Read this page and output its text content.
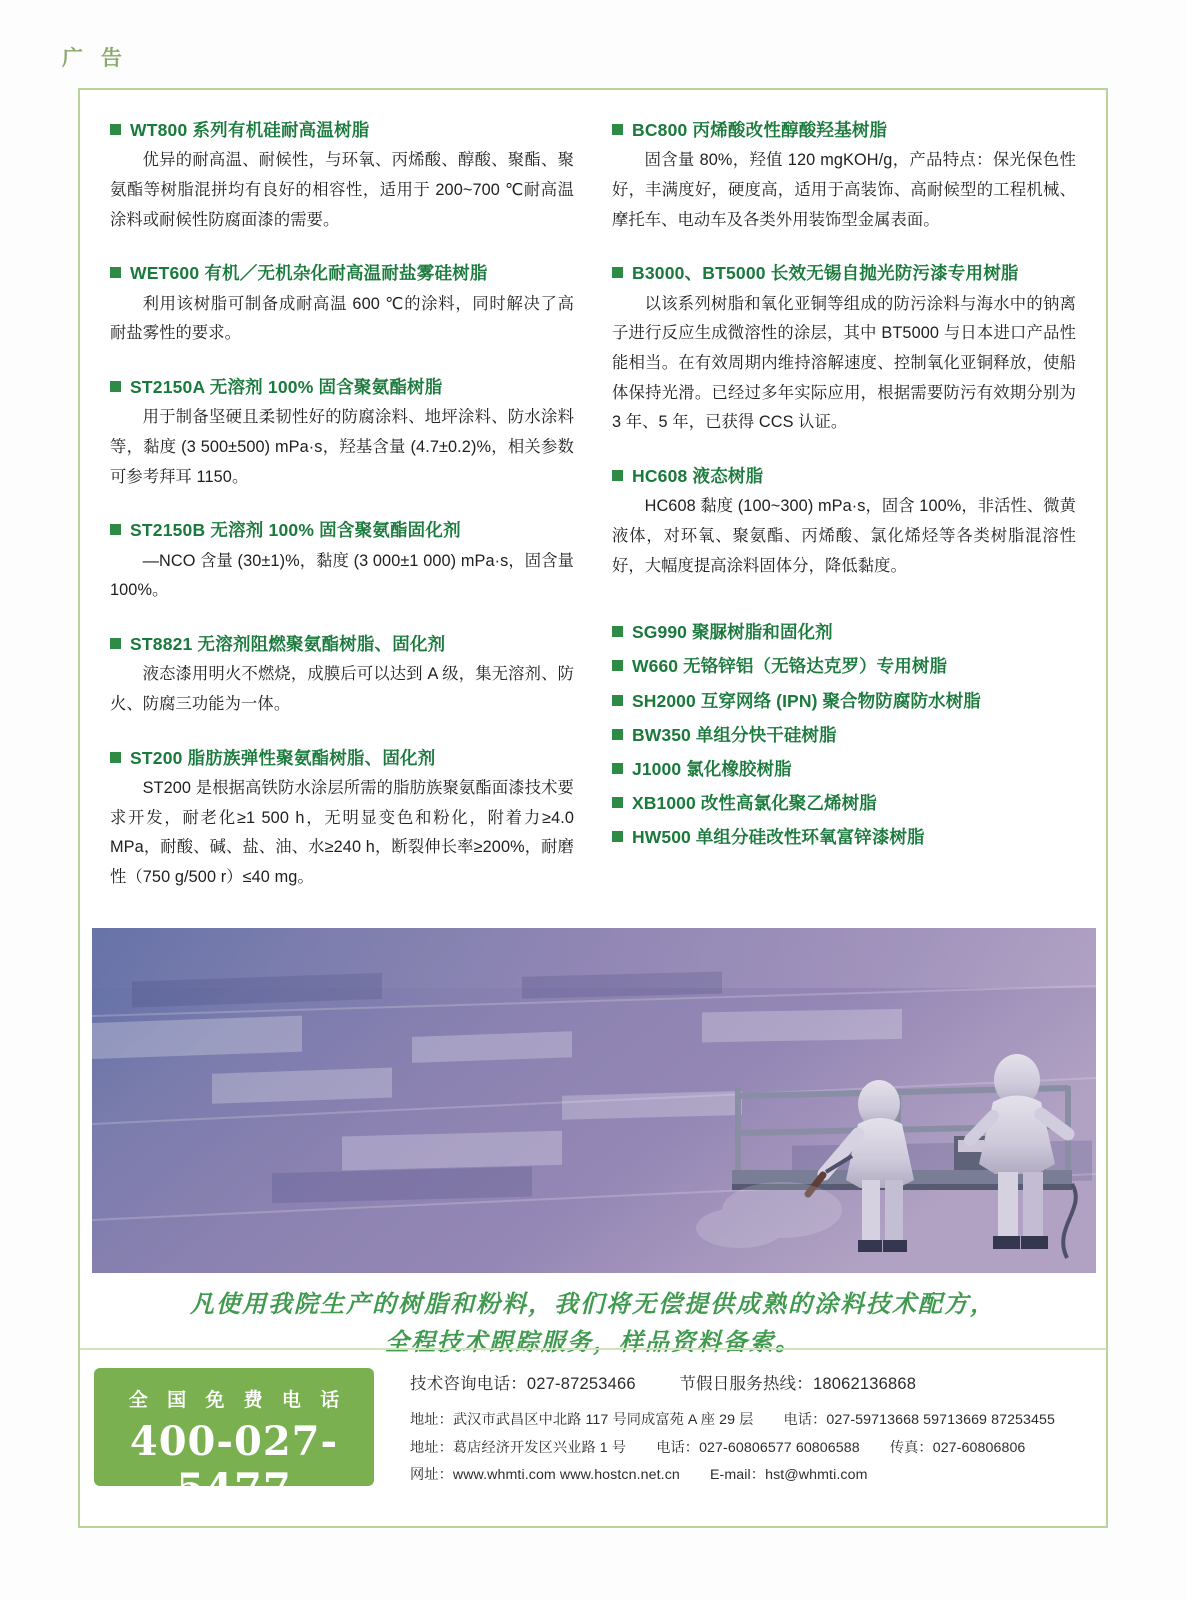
广 告
WT800 系列有机硅耐高温树脂
优异的耐高温、耐候性，与环氧、丙烯酸、醇酸、聚酯、聚氨酯等树脂混拼均有良好的相容性，适用于 200~700 ℃耐高温涂料或耐候性防腐面漆的需要。
WET600 有机／无机杂化耐高温耐盐雾硅树脂
利用该树脂可制备成耐高温 600 ℃的涂料，同时解决了高耐盐雾性的要求。
ST2150A 无溶剂 100% 固含聚氨酯树脂
用于制备坚硬且柔韧性好的防腐涂料、地坪涂料、防水涂料等，黏度 (3 500±500) mPa·s，羟基含量 (4.7±0.2)%，相关参数可参考拜耳 1150。
ST2150B 无溶剂 100% 固含聚氨酯固化剂
—NCO 含量 (30±1)%，黏度 (3 000±1 000) mPa·s，固含量 100%。
ST8821 无溶剂阻燃聚氨酯树脂、固化剂
液态漆用明火不燃烧，成膜后可以达到 A 级，集无溶剂、防火、防腐三功能为一体。
ST200 脂肪族弹性聚氨酯树脂、固化剂
ST200 是根据高铁防水涂层所需的脂肪族聚氨酯面漆技术要求开发，耐老化≥1 500 h，无明显变色和粉化，附着力≥4.0 MPa，耐酸、碱、盐、油、水≥240 h，断裂伸长率≥200%，耐磨性（750 g/500 r）≤40 mg。
BC800 丙烯酸改性醇酸羟基树脂
固含量 80%，羟值 120 mgKOH/g，产品特点：保光保色性好，丰满度好，硬度高，适用于高装饰、高耐候型的工程机械、摩托车、电动车及各类外用装饰型金属表面。
B3000、BT5000 长效无锡自抛光防污漆专用树脂
以该系列树脂和氧化亚铜等组成的防污涂料与海水中的钠离子进行反应生成微溶性的涂层，其中 BT5000 与日本进口产品性能相当。在有效周期内维持溶解速度、控制氧化亚铜释放，使船体保持光滑。已经过多年实际应用，根据需要防污有效期分别为 3 年、5 年，已获得 CCS 认证。
HC608 液态树脂
HC608 黏度 (100~300) mPa·s，固含 100%，非活性、微黄液体，对环氧、聚氨酯、丙烯酸、氯化烯烃等各类树脂混溶性好，大幅度提高涂料固体分，降低黏度。
SG990 聚脲树脂和固化剂
W660 无铬锌铝（无铬达克罗）专用树脂
SH2000 互穿网络 (IPN) 聚合物防腐防水树脂
BW350 单组分快干硅树脂
J1000 氯化橡胶树脂
XB1000 改性高氯化聚乙烯树脂
HW500 单组分硅改性环氧富锌漆树脂
凡使用我院生产的树脂和粉料，我们将无偿提供成熟的涂料技术配方，
全程技术跟踪服务，样品资料备索。
全 国 免 费 电 话
400-027-5477
技术咨询电话：027-87253466	节假日服务热线：18062136868
地址：武汉市武昌区中北路 117 号同成富苑 A 座 29 层 电话：027-59713668 59713669 87253455
地址：葛店经济开发区兴业路 1 号 电话：027-60806577 60806588 传真：027-60806806
网址：www.whmti.com www.hostcn.net.cn E-mail：hst@whmti.com
